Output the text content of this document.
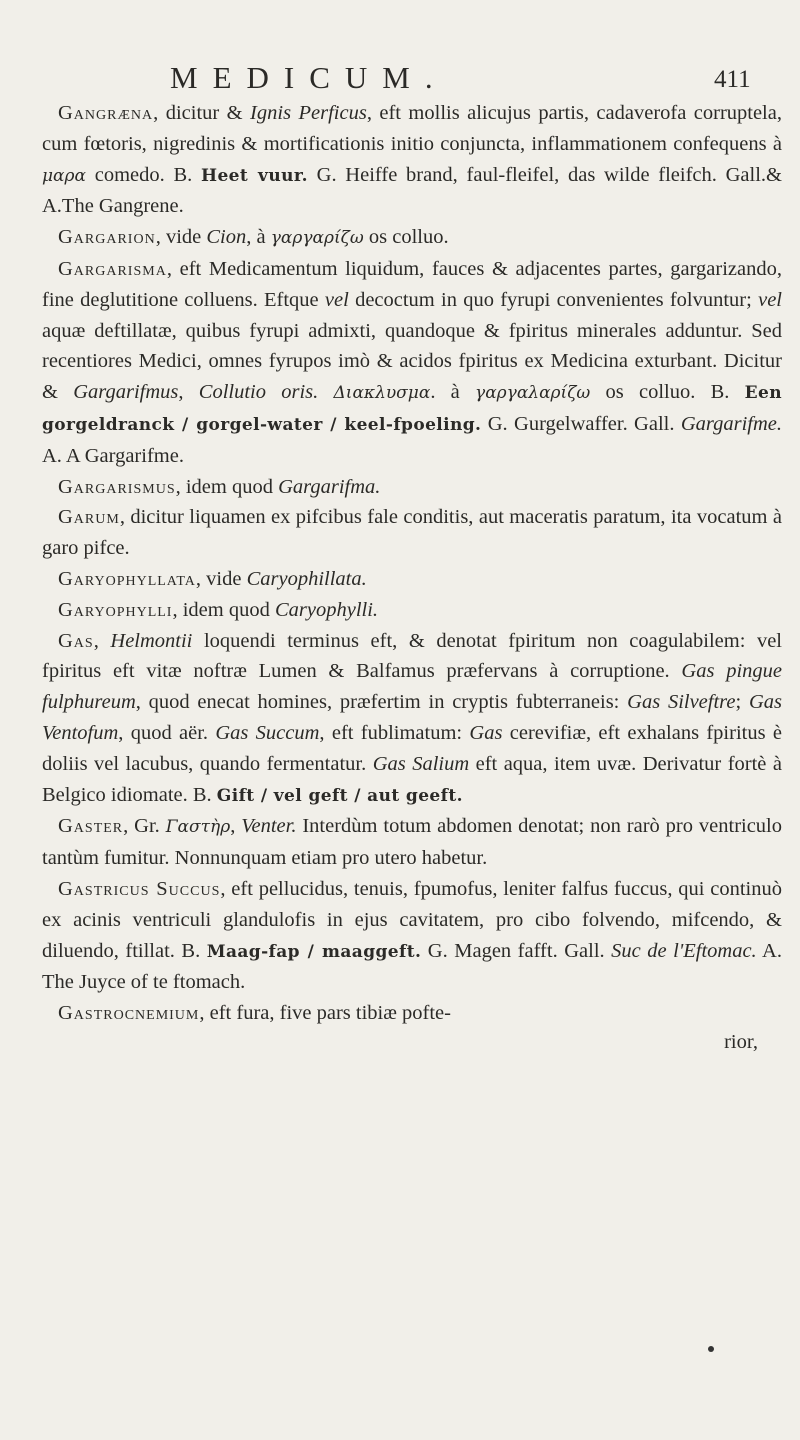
MEDICUM.	411

Gangræna, dicitur & Ignis Perficus, eft mollis alicujus partis, cadaverofa corruptela, cum fœtoris, nigredinis & mortificationis initio conjuncta, inflammationem confequens à μαρα comedo. B. Heet vuur. G. Heiffe brand, faul-fleifel, das wilde fleifch. Gall.& A.The Gangrene.

Gargarion, vide Cion, à γαργαρίζω os colluo.

Gargarisma, eft Medicamentum liquidum, fauces & adjacentes partes, gargarizando, fine deglutitione colluens. Eftque vel decoctum in quo fyrupi convenientes folvuntur; vel aquæ deftillatæ, quibus fyrupi admixti, quandoque & fpiritus minerales adduntur. Sed recentiores Medici, omnes fyrupos imò & acidos fpiritus ex Medicina exturbant. Dicitur & Gargarifmus, Collutio oris. Διακλυσμα. à γαργαλαρίζω os colluo. B. Een gorgeldranck / gorgel-water / keel-fpoeling. G. Gurgelwaffer. Gall. Gargarifme. A. A Gargarifme.

Gargarismus, idem quod Gargarifma.

Garum, dicitur liquamen ex pifcibus fale conditis, aut maceratis paratum, ita vocatum à garo pifce.

Garyophyllata, vide Caryophillata.

Garyophylli, idem quod Caryophylli.

Gas, Helmontii loquendi terminus eft, & denotat fpiritum non coagulabilem: vel fpiritus eft vitæ noftræ Lumen & Balfamus præfervans à corruptione. Gas pingue fulphureum, quod enecat homines, præfertim in cryptis fubterraneis: Gas Silveftre; Gas Ventofum, quod aër. Gas Succum, eft fublimatum: Gas cerevifiæ, eft exhalans fpiritus è doliis vel lacubus, quando fermentatur. Gas Salium eft aqua, item uvæ. Derivatur fortè à Belgico idiomate. B. Gift / vel geft / aut geeft.

Gaster, Gr. Γαστὴρ, Venter. Interdùm totum abdomen denotat; non rarò pro ventriculo tantùm fumitur. Nonnunquam etiam pro utero habetur.

Gastricus Succus, eft pellucidus, tenuis, fpumofus, leniter falfus fuccus, qui continuò ex acinis ventriculi glandulofis in ejus cavitatem, pro cibo folvendo, mifcendo, & diluendo, ftillat. B. Maag-fap / maaggeft. G. Magen fafft. Gall. Suc de l'Eftomac. A. The Juyce of te ftomach.

Gastrocnemium, eft fura, five pars tibiæ pofte-

rior,
